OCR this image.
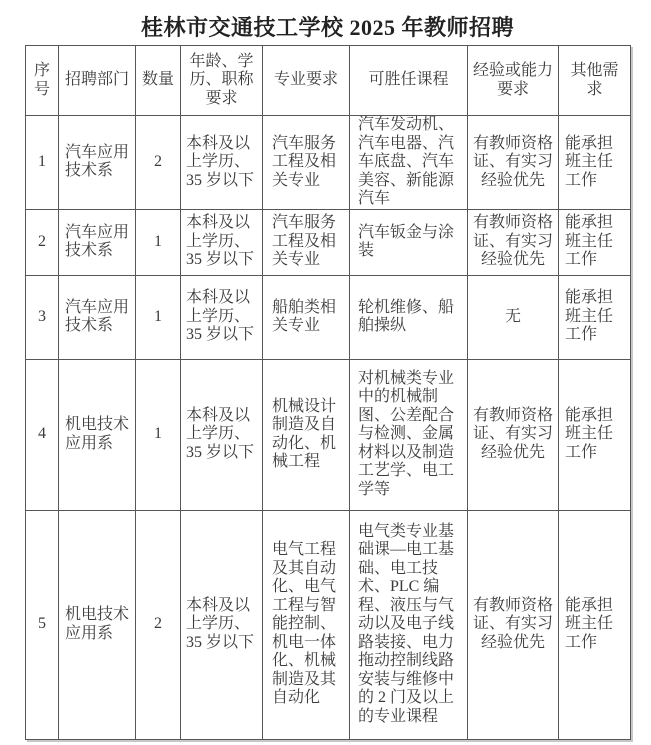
桂林市交通技工学校 2025 年教师招聘
序号	招聘部门	数量	年龄、学历、职称要求	专业要求	可胜任课程	经验或能力要求	其他需求
1	汽车应用技术系	2	本科及以上学历、35 岁以下	汽车服务工程及相关专业	汽车发动机、汽车电器、汽车底盘、汽车美容、新能源汽车	有教师资格证、有实习经验优先	能承担班主任工作
2	汽车应用技术系	1	本科及以上学历、35 岁以下	汽车服务工程及相关专业	汽车钣金与涂装	有教师资格证、有实习经验优先	能承担班主任工作
3	汽车应用技术系	1	本科及以上学历、35 岁以下	船舶类相关专业	轮机维修、船舶操纵	无	能承担班主任工作
4	机电技术应用系	1	本科及以上学历、35 岁以下	机械设计制造及自动化、机械工程	对机械类专业中的机械制图、公差配合与检测、金属材料以及制造工艺学、电工学等	有教师资格证、有实习经验优先	能承担班主任工作
5	机电技术应用系	2	本科及以上学历、35 岁以下	电气工程及其自动化、电气工程与智能控制、机电一体化、机械制造及其自动化	电气类专业基础课—电工基础、电工技术、PLC 编程、液压与气动以及电子线路装接、电力拖动控制线路安装与维修中的 2 门及以上的专业课程	有教师资格证、有实习经验优先	能承担班主任工作
